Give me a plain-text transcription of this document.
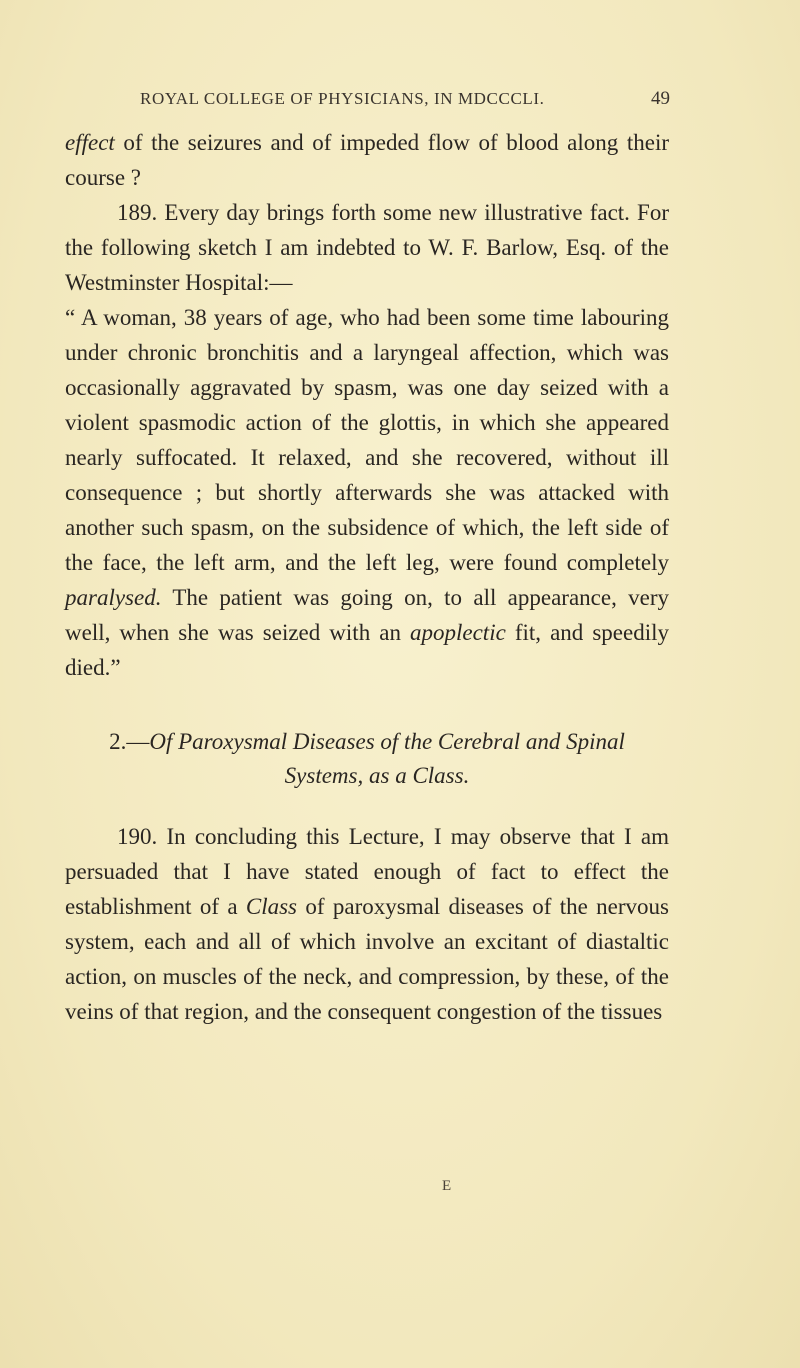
ROYAL COLLEGE OF PHYSICIANS, IN MDCCCLI.	49

effect of the seizures and of impeded flow of blood along their course ?

189. Every day brings forth some new illustrative fact. For the following sketch I am indebted to W. F. Barlow, Esq. of the Westminster Hospital:—

“ A woman, 38 years of age, who had been some time labouring under chronic bronchitis and a laryngeal affection, which was occasionally aggravated by spasm, was one day seized with a violent spasmodic action of the glottis, in which she appeared nearly suffocated. It relaxed, and she recovered, without ill consequence ; but shortly afterwards she was attacked with another such spasm, on the subsidence of which, the left side of the face, the left arm, and the left leg, were found completely paralysed. The patient was going on, to all appearance, very well, when she was seized with an apoplectic fit, and speedily died.”

2.—Of Paroxysmal Diseases of the Cerebral and Spinal
Systems, as a Class.

190. In concluding this Lecture, I may observe that I am persuaded that I have stated enough of fact to effect the establishment of a Class of paroxysmal diseases of the nervous system, each and all of which involve an excitant of diastaltic action, on muscles of the neck, and compression, by these, of the veins of that region, and the consequent congestion of the tissues

E
